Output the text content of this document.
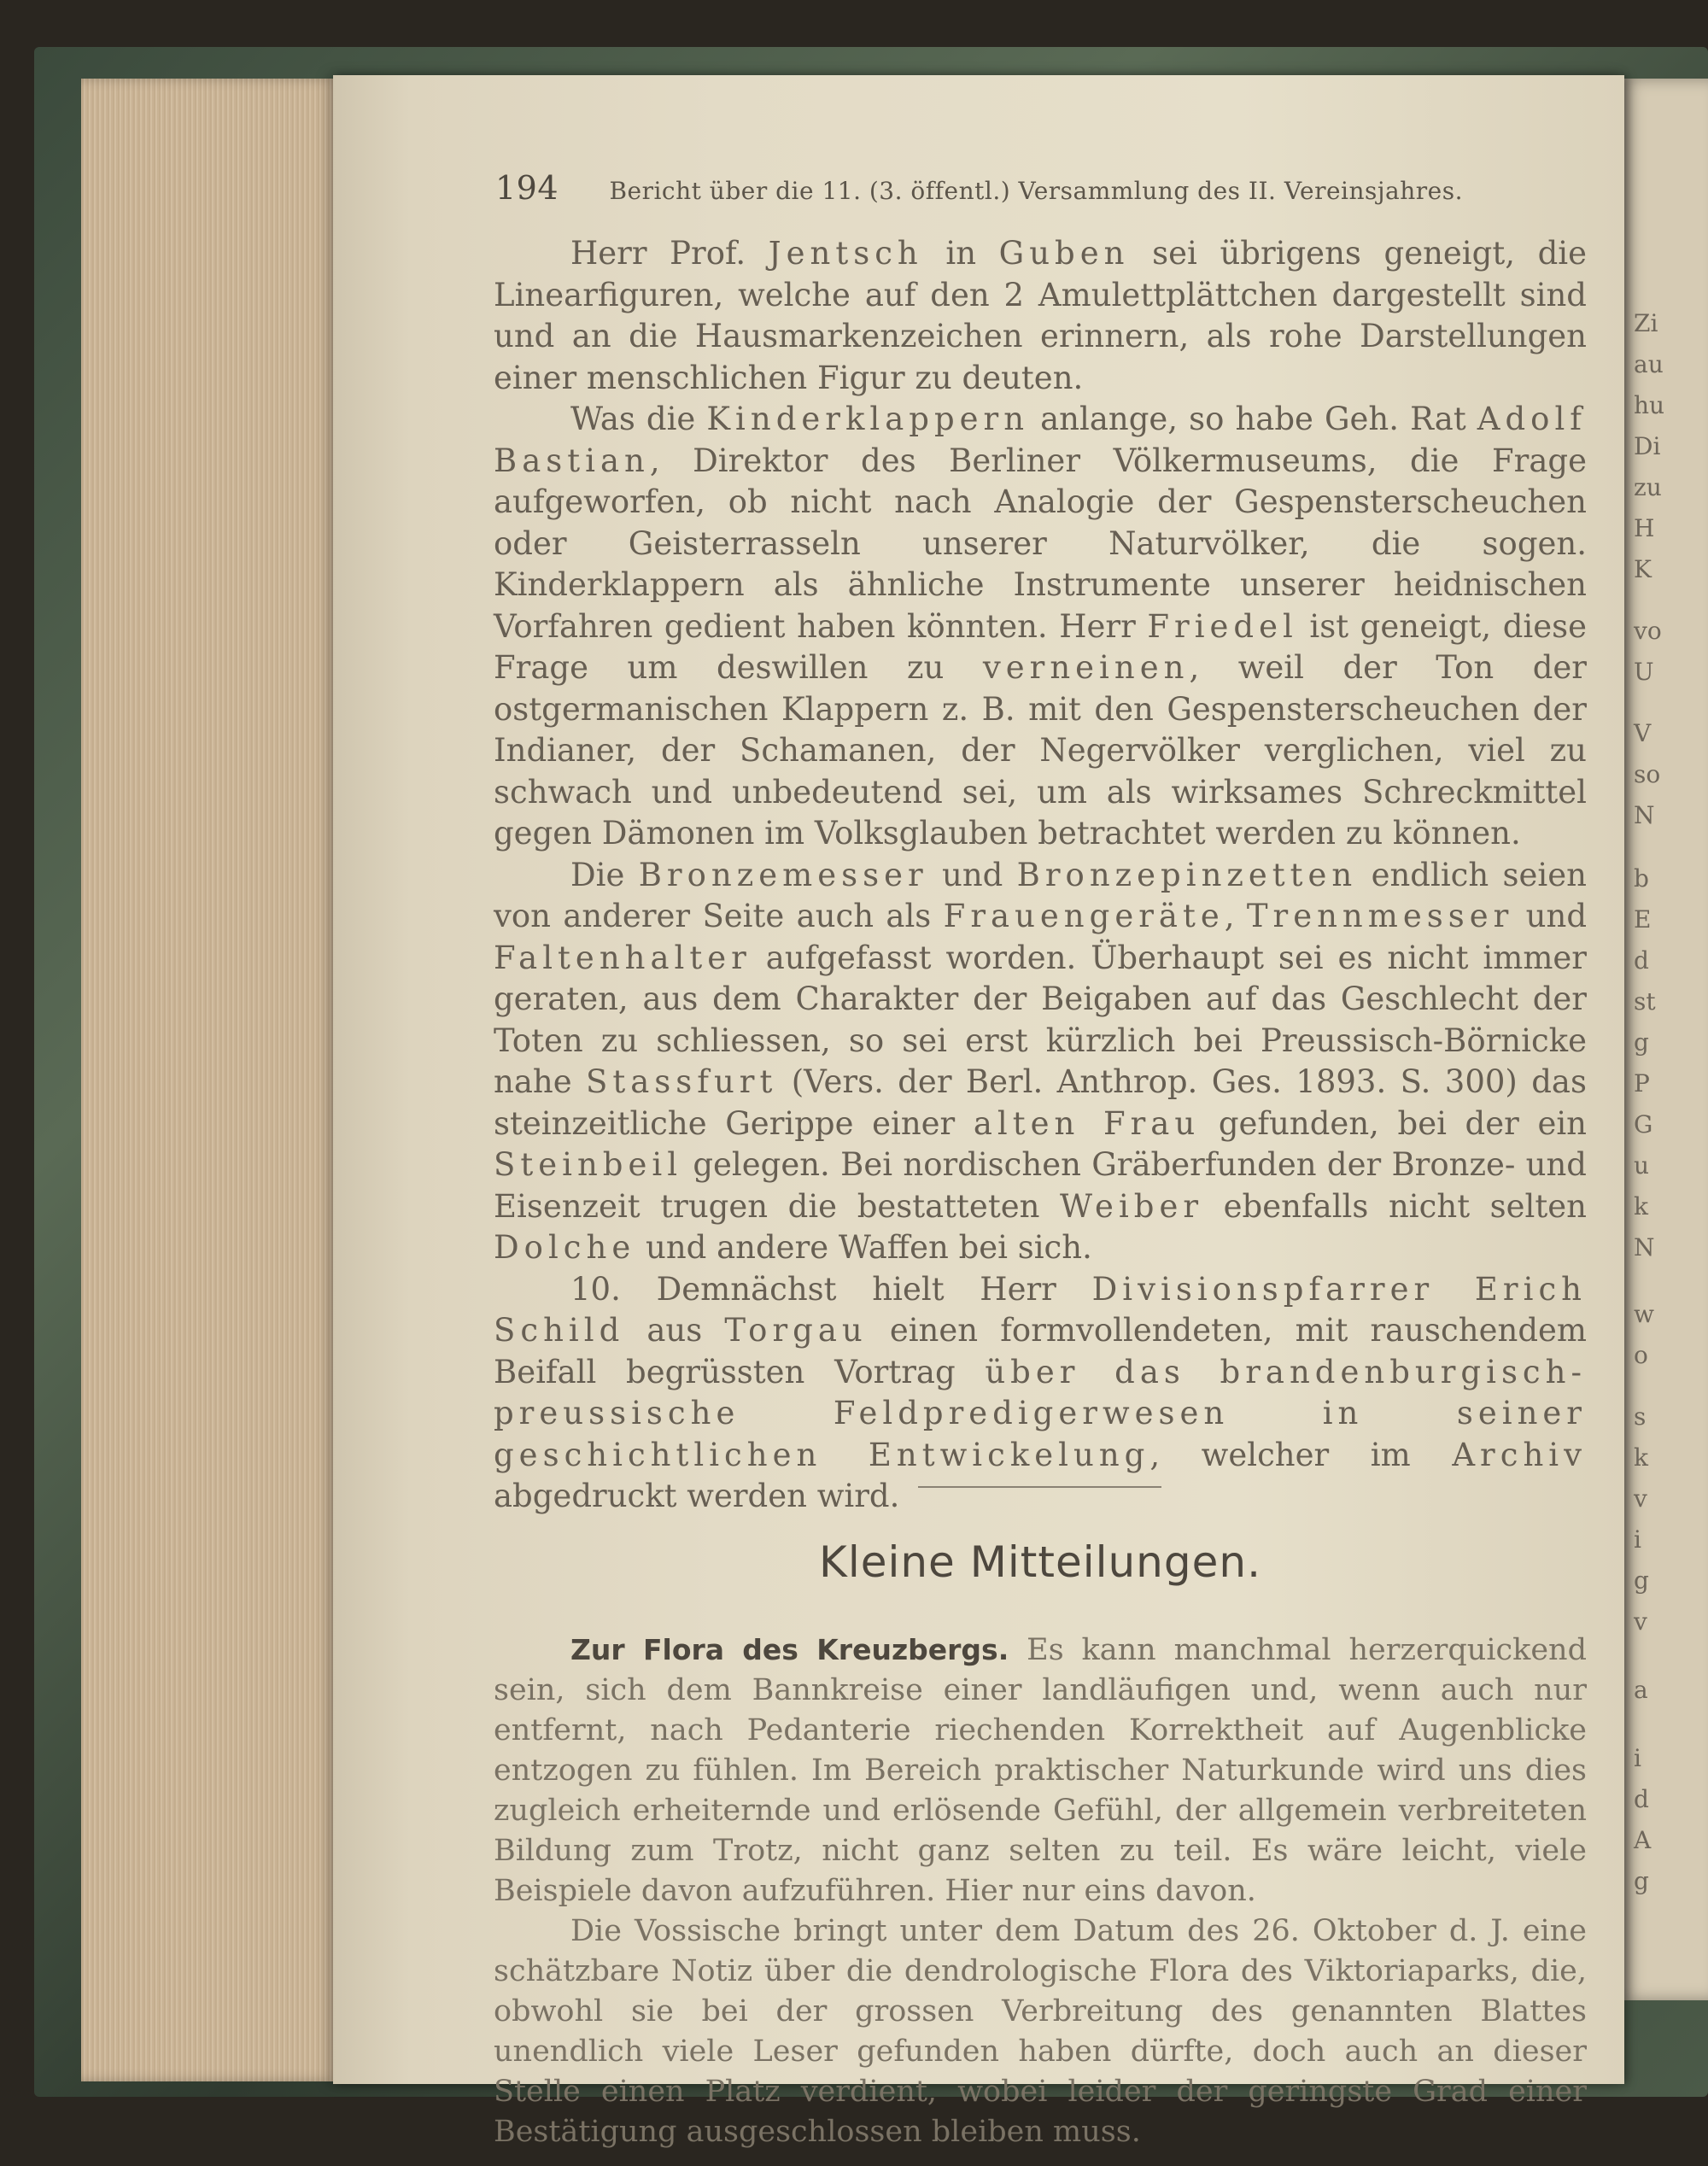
Zi
au
hu
Di
zu
H
K
vo
U
V
so
N
b
E
d
st
g
P
G
u
k
N
w
o
s
k
v
i
g
v
a
i
d
A
g
194 Bericht über die 11. (3. öffentl.) Versammlung des II. Vereinsjahres.

Herr Prof. Jentsch in Guben sei übrigens geneigt, die Linearfiguren, welche auf den 2 Amulettplättchen dargestellt sind und an die Hausmarkenzeichen erinnern, als rohe Darstellungen einer menschlichen Figur zu deuten.

Was die Kinderklappern anlange, so habe Geh. Rat Adolf Bastian, Direktor des Berliner Völkermuseums, die Frage aufgeworfen, ob nicht nach Analogie der Gespensterscheuchen oder Geisterrasseln unserer Naturvölker, die sogen. Kinderklappern als ähnliche Instrumente unserer heidnischen Vorfahren gedient haben könnten. Herr Friedel ist geneigt, diese Frage um deswillen zu verneinen, weil der Ton der ostgermanischen Klappern z. B. mit den Gespensterscheuchen der Indianer, der Schamanen, der Negervölker verglichen, viel zu schwach und unbedeutend sei, um als wirksames Schreckmittel gegen Dämonen im Volksglauben betrachtet werden zu können.

Die Bronzemesser und Bronzepinzetten endlich seien von anderer Seite auch als Frauengeräte, Trennmesser und Faltenhalter aufgefasst worden. Überhaupt sei es nicht immer geraten, aus dem Charakter der Beigaben auf das Geschlecht der Toten zu schliessen, so sei erst kürzlich bei Preussisch-Börnicke nahe Stassfurt (Vers. der Berl. Anthrop. Ges. 1893. S. 300) das steinzeitliche Gerippe einer alten Frau gefunden, bei der ein Steinbeil gelegen. Bei nordischen Gräberfunden der Bronze- und Eisenzeit trugen die bestatteten Weiber ebenfalls nicht selten Dolche und andere Waffen bei sich.

10. Demnächst hielt Herr Divisionspfarrer Erich Schild aus Torgau einen formvollendeten, mit rauschendem Beifall begrüssten Vortrag über das brandenburgisch-preussische Feldpredigerwesen in seiner geschichtlichen Entwickelung, welcher im Archiv abgedruckt werden wird.

Kleine Mitteilungen.

Zur Flora des Kreuzbergs. Es kann manchmal herzerquickend sein, sich dem Bannkreise einer landläufigen und, wenn auch nur entfernt, nach Pedanterie riechenden Korrektheit auf Augenblicke entzogen zu fühlen. Im Bereich praktischer Naturkunde wird uns dies zugleich erheiternde und erlösende Gefühl, der allgemein verbreiteten Bildung zum Trotz, nicht ganz selten zu teil. Es wäre leicht, viele Beispiele davon aufzuführen. Hier nur eins davon.

Die Vossische bringt unter dem Datum des 26. Oktober d. J. eine schätzbare Notiz über die dendrologische Flora des Viktoriaparks, die, obwohl sie bei der grossen Verbreitung des genannten Blattes unendlich viele Leser gefunden haben dürfte, doch auch an dieser Stelle einen Platz verdient, wobei leider der geringste Grad einer Bestätigung ausgeschlossen bleiben muss.
